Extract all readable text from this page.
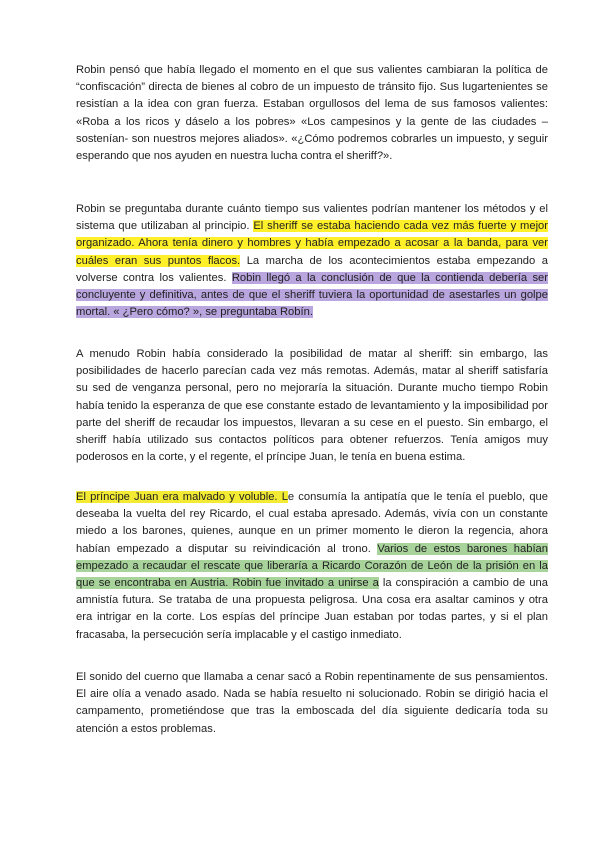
Robin pensó que había llegado el momento en el que sus valientes cambiaran la política de “confiscación” directa de bienes al cobro de un impuesto de tránsito fijo. Sus lugartenientes se resistían a la idea con gran fuerza. Estaban orgullosos del lema de sus famosos valientes: «Roba a los ricos y dáselo a los pobres» «Los campesinos y la gente de las ciudades – sostenían- son nuestros mejores aliados». «¿Cómo podremos cobrarles un impuesto, y seguir esperando que nos ayuden en nuestra lucha contra el sheriff?».

Robin se preguntaba durante cuánto tiempo sus valientes podrían mantener los métodos y el sistema que utilizaban al principio. El sheriff se estaba haciendo cada vez más fuerte y mejor organizado. Ahora tenía dinero y hombres y había empezado a acosar a la banda, para ver cuáles eran sus puntos flacos. La marcha de los acontecimientos estaba empezando a volverse contra los valientes. Robin llegó a la conclusión de que la contienda debería ser concluyente y definitiva, antes de que el sheriff tuviera la oportunidad de asestarles un golpe mortal. « ¿Pero cómo? », se preguntaba Robín.

A menudo Robin había considerado la posibilidad de matar al sheriff: sin embargo, las posibilidades de hacerlo parecían cada vez más remotas. Además, matar al sheriff satisfaría su sed de venganza personal, pero no mejoraría la situación. Durante mucho tiempo Robin había tenido la esperanza de que ese constante estado de levantamiento y la imposibilidad por parte del sheriff de recaudar los impuestos, llevaran a su cese en el puesto. Sin embargo, el sheriff había utilizado sus contactos políticos para obtener refuerzos. Tenía amigos muy poderosos en la corte, y el regente, el príncipe Juan, le tenía en buena estima.

El príncipe Juan era malvado y voluble. Le consumía la antipatía que le tenía el pueblo, que deseaba la vuelta del rey Ricardo, el cual estaba apresado. Además, vivía con un constante miedo a los barones, quienes, aunque en un primer momento le dieron la regencia, ahora habían empezado a disputar su reivindicación al trono. Varios de estos barones habían empezado a recaudar el rescate que liberaría a Ricardo Corazón de León de la prisión en la que se encontraba en Austria. Robin fue invitado a unirse a la conspiración a cambio de una amnistía futura. Se trataba de una propuesta peligrosa. Una cosa era asaltar caminos y otra era intrigar en la corte. Los espías del príncipe Juan estaban por todas partes, y si el plan fracasaba, la persecución sería implacable y el castigo inmediato.

El sonido del cuerno que llamaba a cenar sacó a Robin repentinamente de sus pensamientos. El aire olía a venado asado. Nada se había resuelto ni solucionado. Robin se dirigió hacia el campamento, prometiéndose que tras la emboscada del día siguiente dedicaría toda su atención a estos problemas.
